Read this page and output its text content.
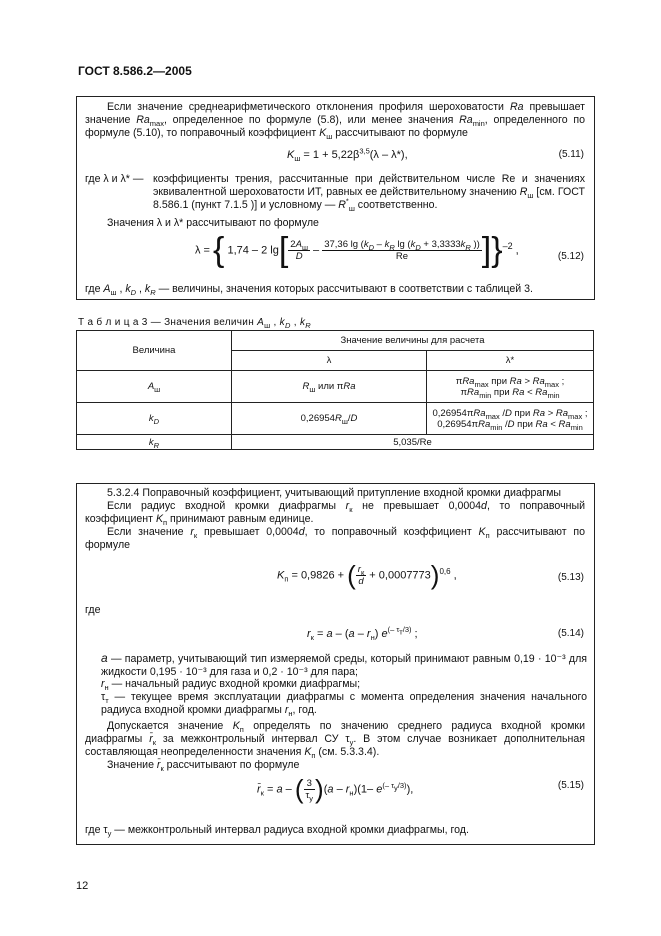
ГОСТ 8.586.2—2005
Если значение среднеарифметического отклонения профиля шероховатости Ra превышает значение $Ra_{max}$, определенное по формуле (5.8), или менее значения $Ra_{min}$, определенного по формуле (5.10), то поправочный коэффициент $K_ш$ рассчитывают по формуле
$K_ш = 1 + 5,22\beta^{3,5}(\lambda - \lambda*)$,	(5.11)
где λ и λ* — коэффициенты трения, рассчитанные при действительном числе Re и значениях эквивалентной шероховатости ИТ, равных ее действительному значению $R_ш$ [см. ГОСТ 8.586.1 (пункт 7.1.5 )] и условному — $R^*_ш$ соответственно.
Значения λ и λ* рассчитывают по формуле
λ = { 1,74 – 2 $\lg[ \frac{2A_ш}{D} - \frac{37,36 \lg (k_D - k_R \lg (k_D + 3,3333k_R ))}{Re} ]\}^{-2}$ ,
(5.12)
где $A_ш$ , $k_D$ , $k_R$ — величины, значения которых рассчитывают в соответствии с таблицей 3.
Т а б л и ц а 3 — Значения величин $A_ш$ , $k_D$ , $k_R$
Величина	Значение величины для расчета	
	λ	λ*
$A_ш$	$R_ш$ или πRa	πRa$_{max}$ при $Ra > Ra_{max}$ ;
πRa$_{min}$ при $Ra < Ra_{min}$
$k_D$	$0,26954R_ш/D$	0,26954πRa$_{max}$ /D при $Ra > Ra_{max}$ ;
0,26954πRa$_{min}$ /D при $Ra < Ra_{min}$
$k_R$	5,035/Re	
5.3.2.4 Поправочный коэффициент, учитывающий притупление входной кромки диафрагмы
Если радиус входной кромки диафрагмы $r_к$ не превышает 0,0004d, то поправочный коэффициент $K_п$ принимают равным единице.
Если значение $r_к$ превышает 0,0004d, то поправочный коэффициент $K_п$ рассчитывают по формуле
$K_п = 0,9826$ + ( $\frac{r_к}{d} + 0,0007773)^{0,6}$ ,	(5.13)
где
$r_к = a - (a - r_н)$ $e^{(- \tau_т/3)}$ ;	(5.14)
a — параметр, учитывающий тип измеряемой среды, который принимают равным 0,19 · 10⁻³ для жидкости 0,195 · 10⁻³ для газа и 0,2 · 10⁻³ для пара;
$r_н$ — начальный радиус входной кромки диафрагмы;
$\tau_т$ — текущее время эксплуатации диафрагмы с момента определения значения начального радиуса входной кромки диафрагмы $r_н$, год.
Допускается значение $K_п$ определять по значению среднего радиуса входной кромки диафрагмы $r̄_к$ за межконтрольный интервал СУ $\tau_у$. В этом случае возникает дополнительная составляющая неопределенности значения $K_п$ (см. 5.3.3.4).
Значение $r̄_к$ рассчитывают по формуле
$r̄_к = a$ – ( $\frac{3}{\tau_у} )(a - r_н)(1-$ $e^{(- \tau_у/3)}$),	(5.15)
где $\tau_у$ — межконтрольный интервал радиуса входной кромки диафрагмы, год.
12
